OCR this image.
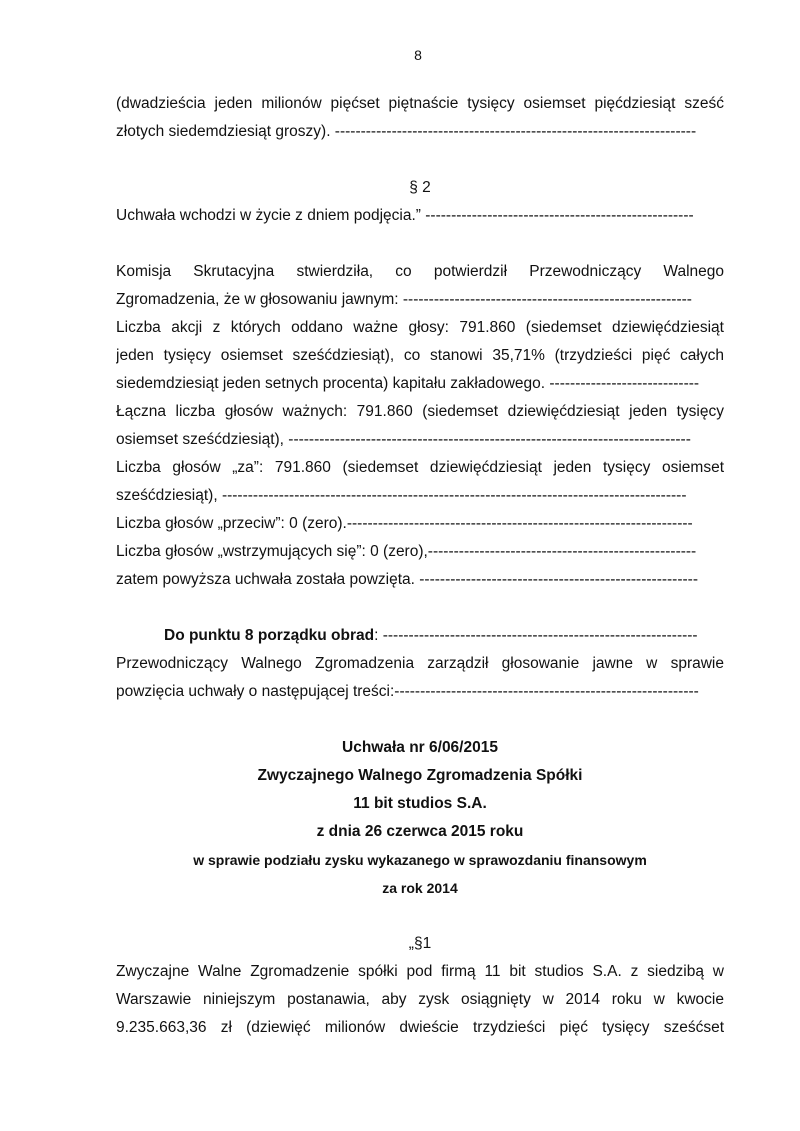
8
(dwadzieścia jeden milionów pięćset piętnaście tysięcy osiemset pięćdziesiąt sześć
złotych siedemdziesiąt groszy). ----------------------------------------------------------------------
§ 2
Uchwała wchodzi w życie z dniem podjęcia.” ----------------------------------------------------
Komisja Skrutacyjna stwierdziła, co potwierdził Przewodniczący Walnego
Zgromadzenia, że w głosowaniu jawnym: --------------------------------------------------------
Liczba akcji z których oddano ważne głosy: 791.860 (siedemset dziewięćdziesiąt
jeden tysięcy osiemset sześćdziesiąt), co stanowi 35,71% (trzydzieści pięć całych
siedemdziesiąt jeden setnych procenta) kapitału zakładowego. -----------------------------
Łączna liczba głosów ważnych: 791.860 (siedemset dziewięćdziesiąt jeden tysięcy
osiemset sześćdziesiąt), ------------------------------------------------------------------------------
Liczba głosów „za”: 791.860 (siedemset dziewięćdziesiąt jeden tysięcy osiemset
sześćdziesiąt), ------------------------------------------------------------------------------------------
Liczba głosów „przeciw”: 0 (zero).-------------------------------------------------------------------
Liczba głosów „wstrzymujących się”: 0 (zero),----------------------------------------------------
zatem powyższa uchwała została powzięta. ------------------------------------------------------
Do punktu 8 porządku obrad: -------------------------------------------------------------
Przewodniczący Walnego Zgromadzenia zarządził głosowanie jawne w sprawie
powzięcia uchwały o następującej treści:-----------------------------------------------------------
Uchwała nr 6/06/2015
Zwyczajnego Walnego Zgromadzenia Spółki
11 bit studios S.A.
z dnia 26 czerwca 2015 roku
w sprawie podziału zysku wykazanego w sprawozdaniu finansowym
za rok 2014
„§1
Zwyczajne Walne Zgromadzenie spółki pod firmą 11 bit studios S.A. z siedzibą w
Warszawie niniejszym postanawia, aby zysk osiągnięty w 2014 roku w kwocie
9.235.663,36 zł (dziewięć milionów dwieście trzydzieści pięć tysięcy sześćset
